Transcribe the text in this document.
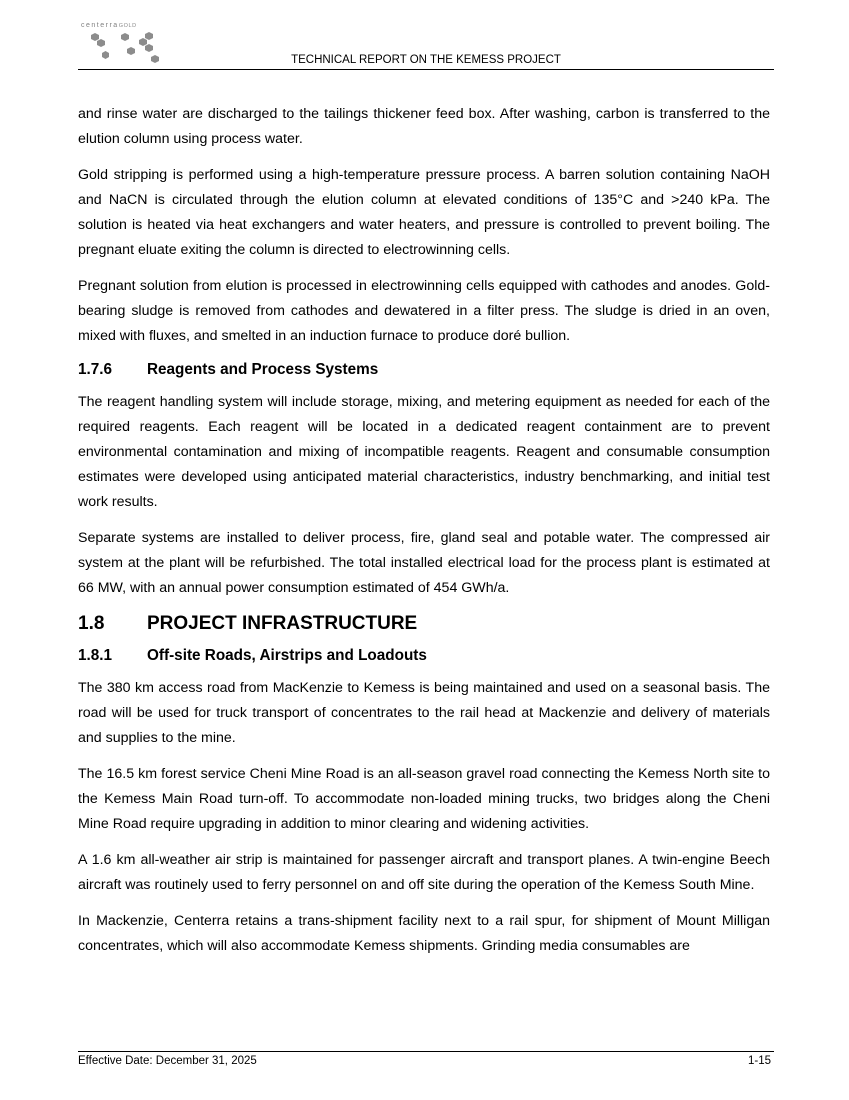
centerraGOLD
TECHNICAL REPORT ON THE KEMESS PROJECT

and rinse water are discharged to the tailings thickener feed box. After washing, carbon is transferred to the elution column using process water.

Gold stripping is performed using a high-temperature pressure process. A barren solution containing NaOH and NaCN is circulated through the elution column at elevated conditions of 135°C and >240 kPa. The solution is heated via heat exchangers and water heaters, and pressure is controlled to prevent boiling. The pregnant eluate exiting the column is directed to electrowinning cells.

Pregnant solution from elution is processed in electrowinning cells equipped with cathodes and anodes. Gold-bearing sludge is removed from cathodes and dewatered in a filter press. The sludge is dried in an oven, mixed with fluxes, and smelted in an induction furnace to produce doré bullion.

1.7.6 Reagents and Process Systems

The reagent handling system will include storage, mixing, and metering equipment as needed for each of the required reagents. Each reagent will be located in a dedicated reagent containment are to prevent environmental contamination and mixing of incompatible reagents. Reagent and consumable consumption estimates were developed using anticipated material characteristics, industry benchmarking, and initial test work results.

Separate systems are installed to deliver process, fire, gland seal and potable water. The compressed air system at the plant will be refurbished. The total installed electrical load for the process plant is estimated at 66 MW, with an annual power consumption estimated of 454 GWh/a.

1.8 PROJECT INFRASTRUCTURE
1.8.1 Off-site Roads, Airstrips and Loadouts

The 380 km access road from MacKenzie to Kemess is being maintained and used on a seasonal basis. The road will be used for truck transport of concentrates to the rail head at Mackenzie and delivery of materials and supplies to the mine.

The 16.5 km forest service Cheni Mine Road is an all-season gravel road connecting the Kemess North site to the Kemess Main Road turn-off. To accommodate non-loaded mining trucks, two bridges along the Cheni Mine Road require upgrading in addition to minor clearing and widening activities.

A 1.6 km all-weather air strip is maintained for passenger aircraft and transport planes. A twin-engine Beech aircraft was routinely used to ferry personnel on and off site during the operation of the Kemess South Mine.

In Mackenzie, Centerra retains a trans-shipment facility next to a rail spur, for shipment of Mount Milligan concentrates, which will also accommodate Kemess shipments. Grinding media consumables are

Effective Date: December 31, 2025	1-15
